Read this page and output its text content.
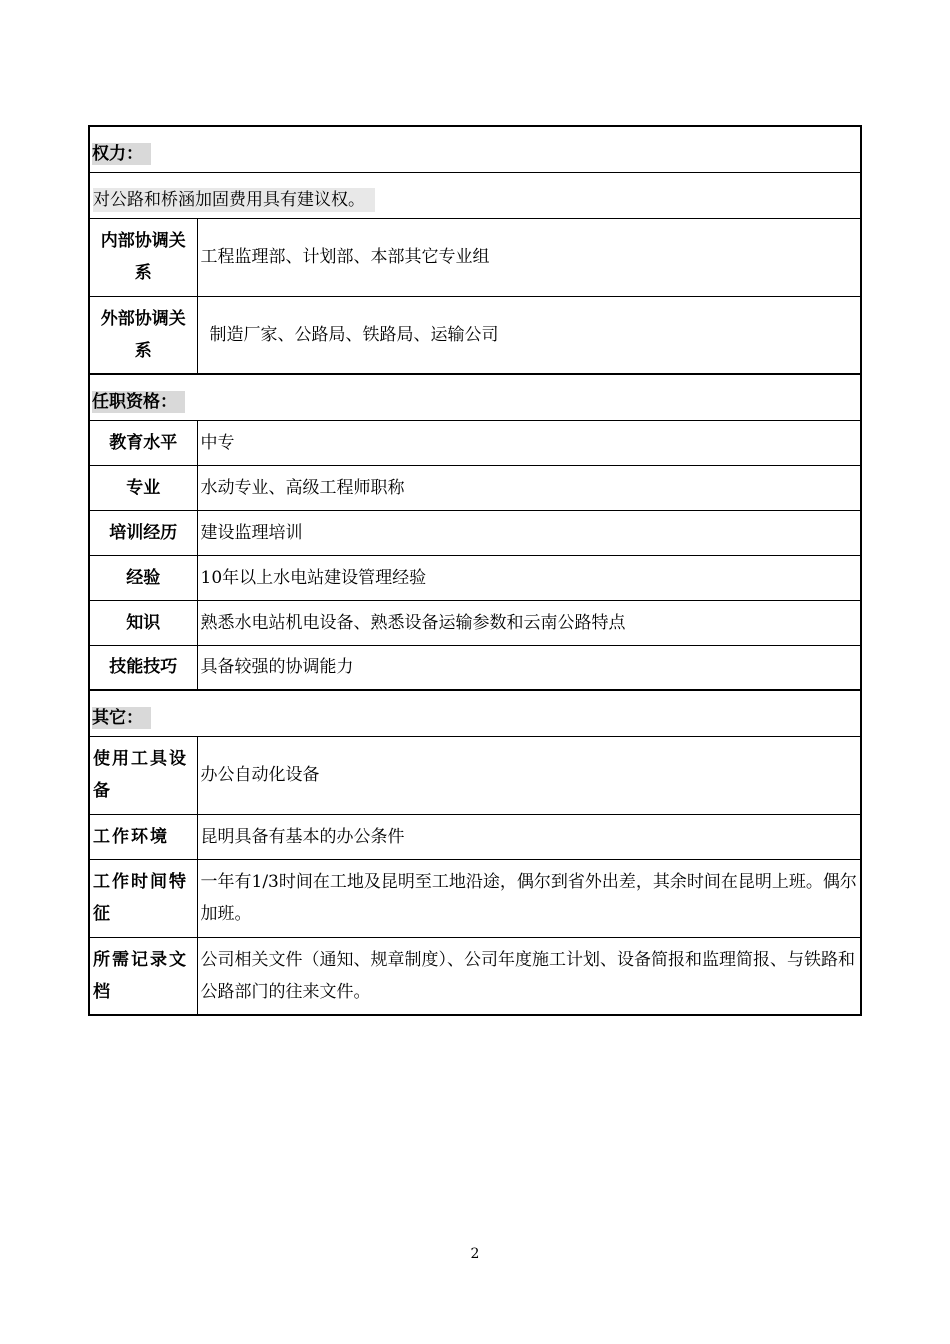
权力：	
对公路和桥涵加固费用具有建议权。	
内部协调关系	工程监理部、计划部、本部其它专业组
外部协调关系	制造厂家、公路局、铁路局、运输公司
任职资格：	
教育水平	中专
专业	水动专业、高级工程师职称
培训经历	建设监理培训
经验	10年以上水电站建设管理经验
知识	熟悉水电站机电设备、熟悉设备运输参数和云南公路特点
技能技巧	具备较强的协调能力
其它：	
使用工具设备	办公自动化设备
工作环境	昆明具备有基本的办公条件
工作时间特征	一年有1/3时间在工地及昆明至工地沿途，偶尔到省外出差，其余时间在昆明上班。偶尔加班。
所需记录文档	公司相关文件（通知、规章制度）、公司年度施工计划、设备简报和监理简报、与铁路和公路部门的往来文件。
2
